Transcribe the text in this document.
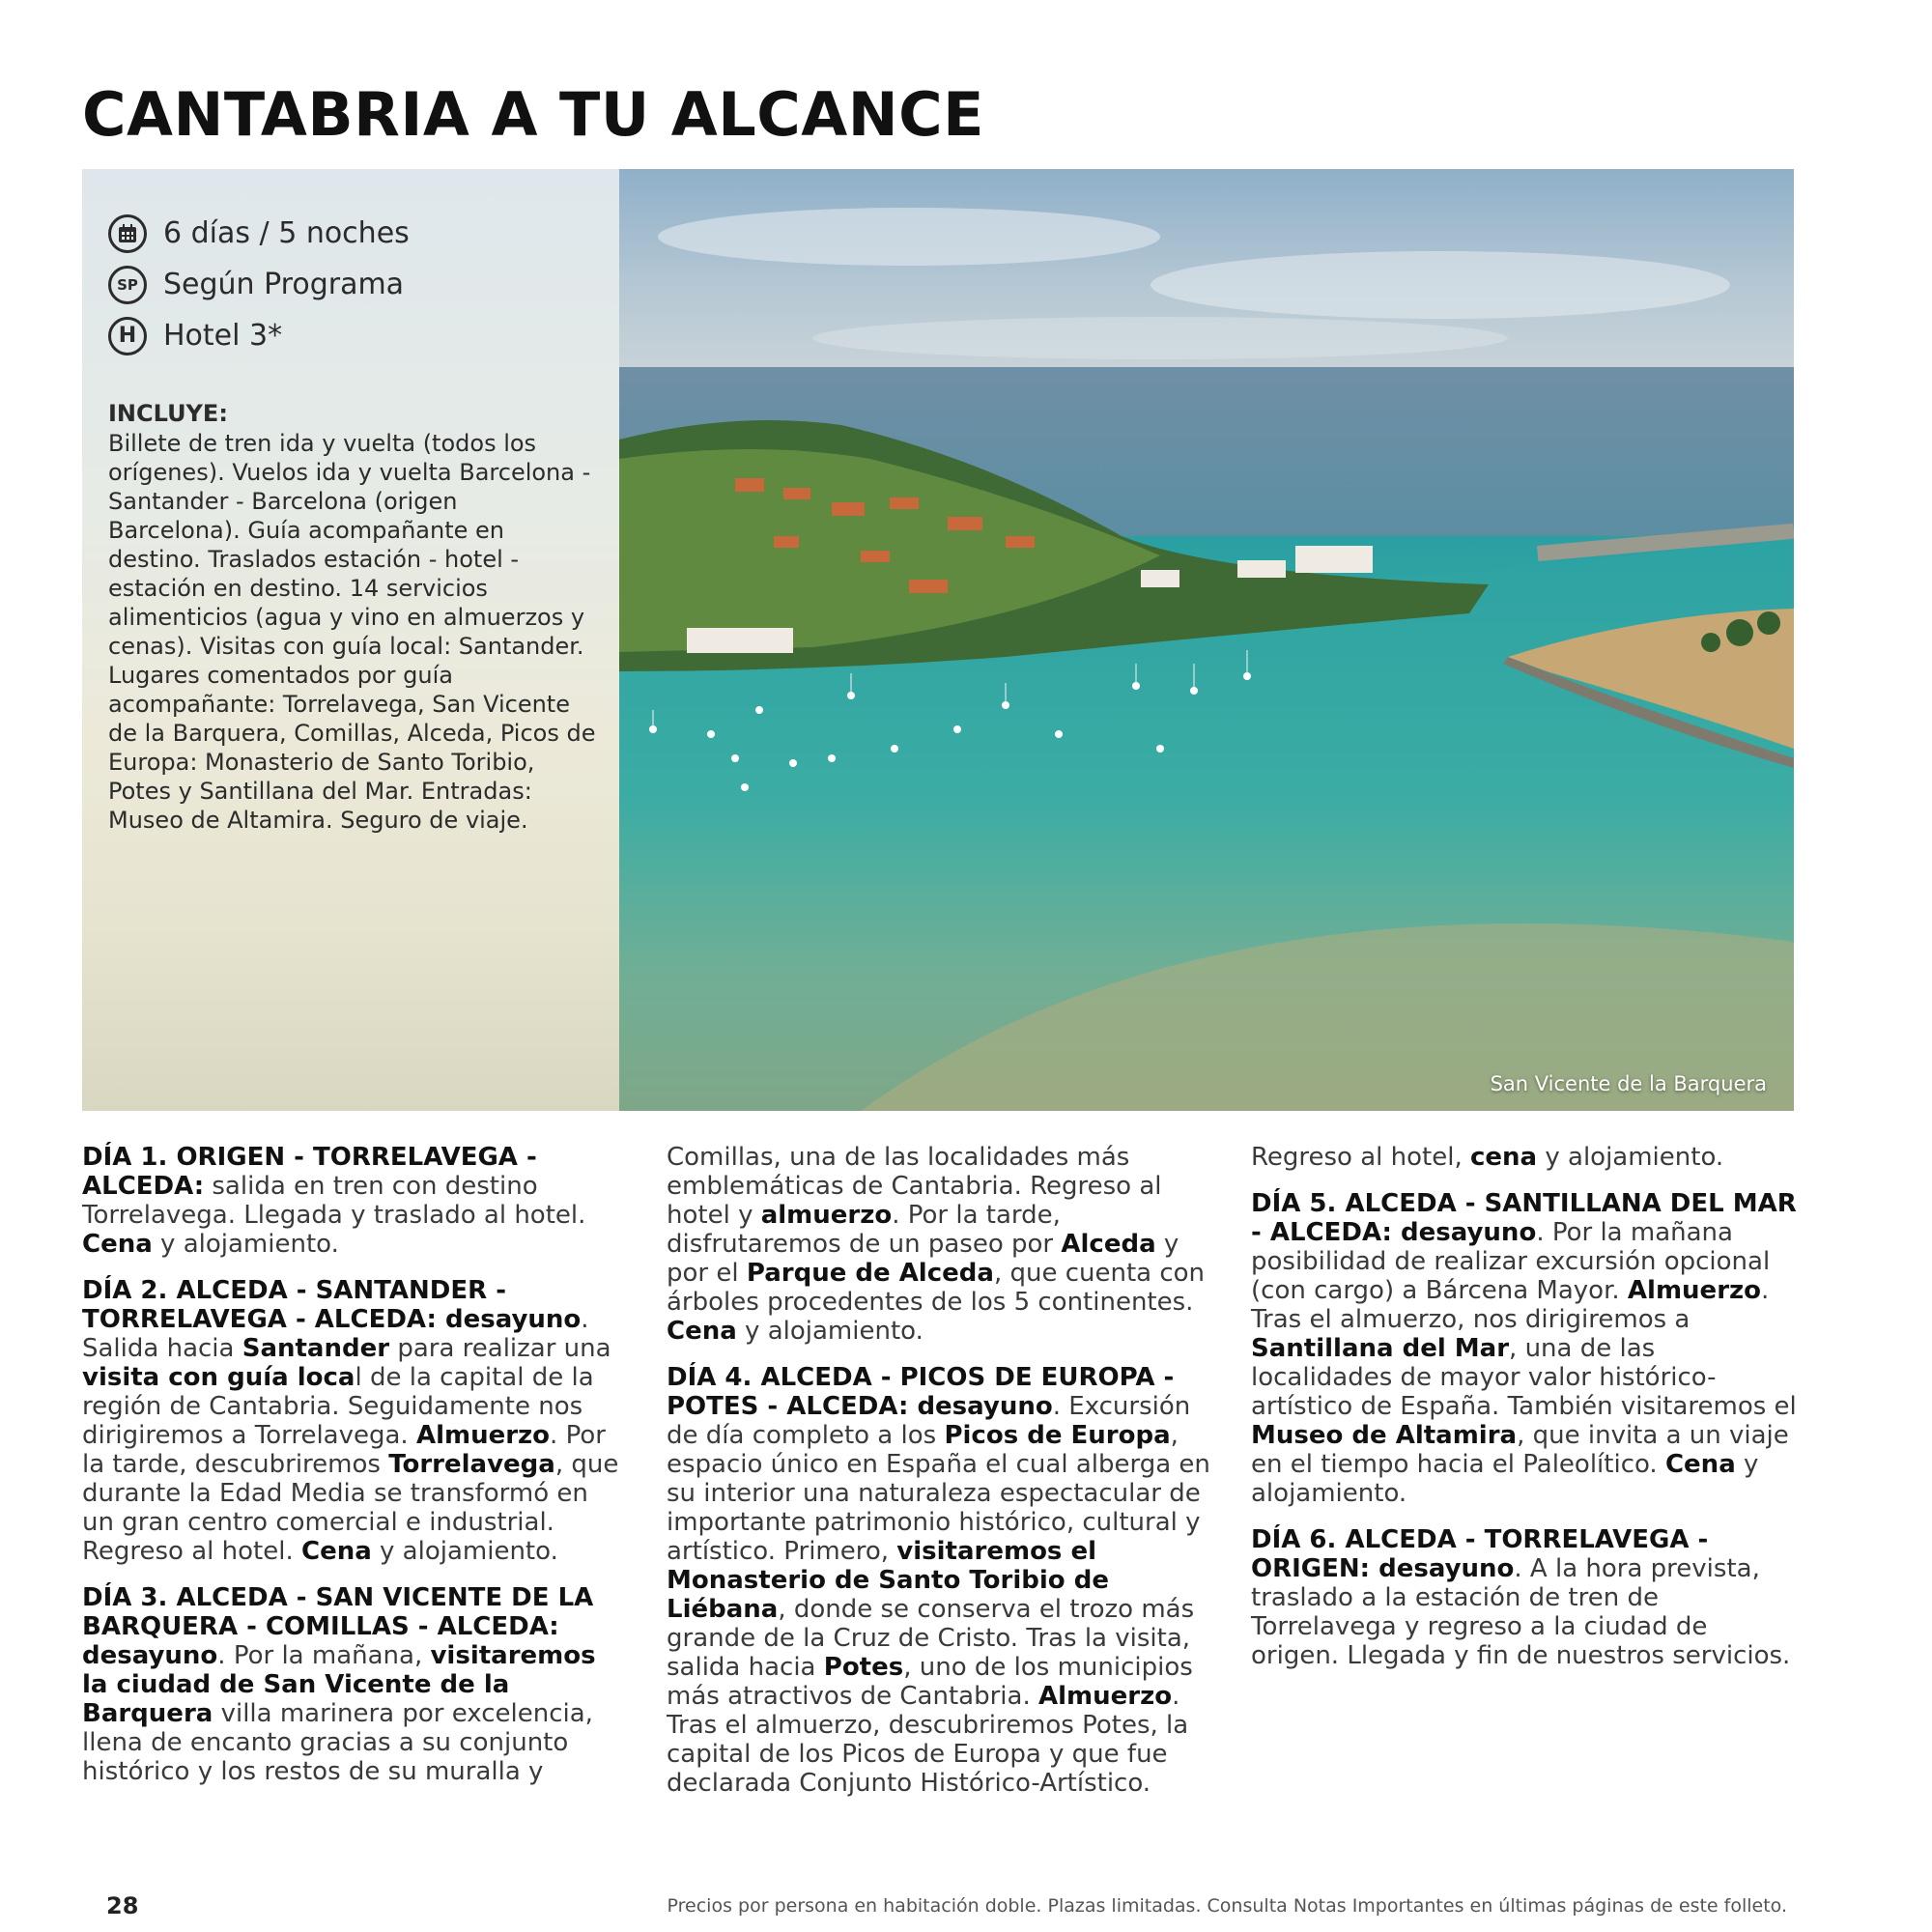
CANTABRIA A TU ALCANCE
6 días / 5 noches
SP Según Programa
H Hotel 3*
INCLUYE:
Billete de tren ida y vuelta (todos los orígenes). Vuelos ida y vuelta Barcelona - Santander - Barcelona (origen Barcelona). Guía acompañante en destino. Traslados estación - hotel - estación en destino. 14 servicios alimenticios (agua y vino en almuerzos y cenas). Visitas con guía local: Santander. Lugares comentados por guía acompañante: Torrelavega, San Vicente de la Barquera, Comillas, Alceda, Picos de Europa: Monasterio de Santo Toribio, Potes y Santillana del Mar. Entradas: Museo de Altamira. Seguro de viaje.
San Vicente de la Barquera

DÍA 1. ORIGEN - TORRELAVEGA - ALCEDA: salida en tren con destino Torrelavega. Llegada y traslado al hotel. Cena y alojamiento.

DÍA 2. ALCEDA - SANTANDER - TORRELAVEGA - ALCEDA: desayuno. Salida hacia Santander para realizar una visita con guía local de la capital de la región de Cantabria. Seguidamente nos dirigiremos a Torrelavega. Almuerzo. Por la tarde, descubriremos Torrelavega, que durante la Edad Media se transformó en un gran centro comercial e industrial. Regreso al hotel. Cena y alojamiento.

DÍA 3. ALCEDA - SAN VICENTE DE LA BARQUERA - COMILLAS - ALCEDA: desayuno. Por la mañana, visitaremos la ciudad de San Vicente de la Barquera villa marinera por excelencia, llena de encanto gracias a su conjunto histórico y los restos de su muralla y

Comillas, una de las localidades más emblemáticas de Cantabria. Regreso al hotel y almuerzo. Por la tarde, disfrutaremos de un paseo por Alceda y por el Parque de Alceda, que cuenta con árboles procedentes de los 5 continentes. Cena y alojamiento.

DÍA 4. ALCEDA - PICOS DE EUROPA - POTES - ALCEDA: desayuno. Excursión de día completo a los Picos de Europa, espacio único en España el cual alberga en su interior una naturaleza espectacular de importante patrimonio histórico, cultural y artístico. Primero, visitaremos el Monasterio de Santo Toribio de Liébana, donde se conserva el trozo más grande de la Cruz de Cristo. Tras la visita, salida hacia Potes, uno de los municipios más atractivos de Cantabria. Almuerzo. Tras el almuerzo, descubriremos Potes, la capital de los Picos de Europa y que fue declarada Conjunto Histórico-Artístico.

Regreso al hotel, cena y alojamiento.

DÍA 5. ALCEDA - SANTILLANA DEL MAR - ALCEDA: desayuno. Por la mañana posibilidad de realizar excursión opcional (con cargo) a Bárcena Mayor. Almuerzo. Tras el almuerzo, nos dirigiremos a Santillana del Mar, una de las localidades de mayor valor histórico-artístico de España. También visitaremos el Museo de Altamira, que invita a un viaje en el tiempo hacia el Paleolítico. Cena y alojamiento.

DÍA 6. ALCEDA - TORRELAVEGA - ORIGEN: desayuno. A la hora prevista, traslado a la estación de tren de Torrelavega y regreso a la ciudad de origen. Llegada y fin de nuestros servicios.

28	Precios por persona en habitación doble. Plazas limitadas. Consulta Notas Importantes en últimas páginas de este folleto.
